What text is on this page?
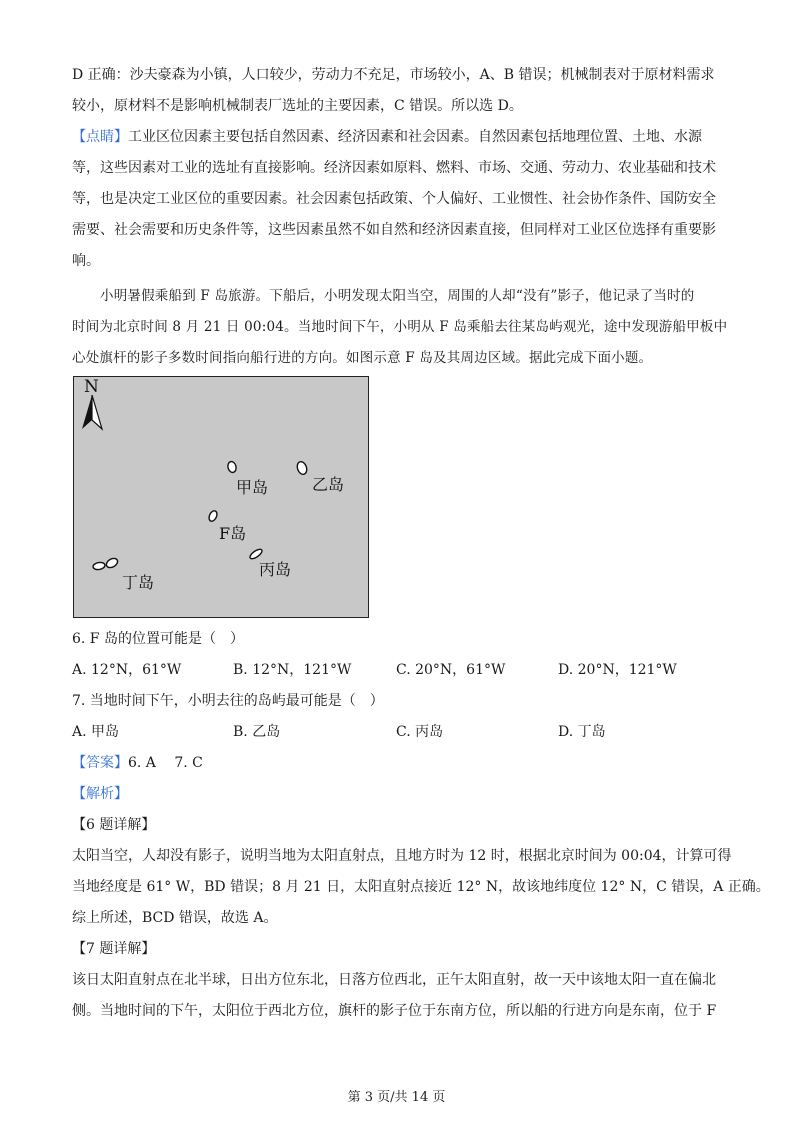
D 正确：沙夫豪森为小镇，人口较少，劳动力不充足，市场较小，A、B 错误；机械制表对于原材料需求

较小，原材料不是影响机械制表厂选址的主要因素，C 错误。所以选 D。

【点睛】工业区位因素主要包括自然因素、经济因素和社会因素。自然因素包括地理位置、土地、水源

等，这些因素对工业的选址有直接影响。经济因素如原料、燃料、市场、交通、劳动力、农业基础和技术

等，也是决定工业区位的重要因素。社会因素包括政策、个人偏好、工业惯性、社会协作条件、国防安全

需要、社会需要和历史条件等，这些因素虽然不如自然和经济因素直接，但同样对工业区位选择有重要影

响。

小明暑假乘船到 F 岛旅游。下船后，小明发现太阳当空，周围的人却“没有”影子，他记录了当时的
时间为北京时间 8 月 21 日 00:04。当地时间下午，小明从 F 岛乘船去往某岛屿观光，途中发现游船甲板中
心处旗杆的影子多数时间指向船行进的方向。如图示意 F 岛及其周边区域。据此完成下面小题。
N
甲岛	乙岛
F岛
丙岛
丁岛

6. F 岛的位置可能是（　）

A. 12°N，61°W	B. 12°N，121°W	C. 20°N，61°W	D. 20°N，121°W

7. 当地时间下午，小明去往的岛屿最可能是（　）

A. 甲岛	B. 乙岛	C. 丙岛	D. 丁岛

【答案】6. A　 7. C

【解析】

【6 题详解】

太阳当空，人却没有影子，说明当地为太阳直射点，且地方时为 12 时，根据北京时间为 00:04，计算可得

当地经度是 61° W，BD 错误；8 月 21 日，太阳直射点接近 12° N，故该地纬度位 12° N，C 错误，A 正确。

综上所述，BCD 错误，故选 A。

【7 题详解】

该日太阳直射点在北半球，日出方位东北，日落方位西北，正午太阳直射，故一天中该地太阳一直在偏北

侧。当地时间的下午，太阳位于西北方位，旗杆的影子位于东南方位，所以船的行进方向是东南，位于 F

第 3 页/共 14 页
